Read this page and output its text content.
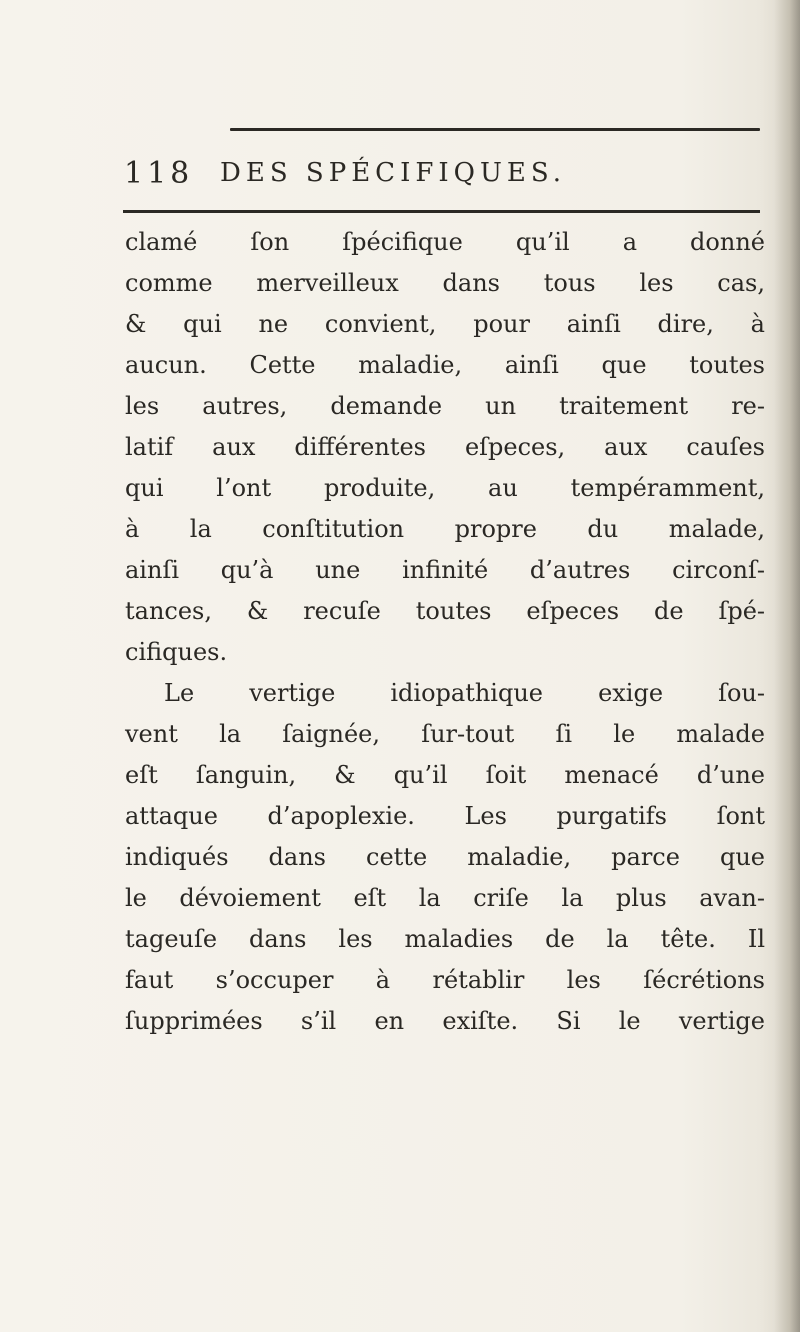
118 DES SPÉCIFIQUES.
clamé ſon ſpécifique qu’il a donné
comme merveilleux dans tous les cas,
& qui ne convient, pour ainſi dire, à
aucun. Cette maladie, ainſi que toutes
les autres, demande un traitement re-
latif aux différentes eſpeces, aux cauſes
qui l’ont produite, au tempéramment,
à la conſtitution propre du malade,
ainſi qu’à une infinité d’autres circonſ-
tances, & recuſe toutes eſpeces de ſpé-
cifiques.
Le vertige idiopathique exige ſou-
vent la ſaignée, ſur-tout ſi le malade
eſt ſanguin, & qu’il ſoit menacé d’une
attaque d’apoplexie. Les purgatifs ſont
indiqués dans cette maladie, parce que
le dévoiement eſt la criſe la plus avan-
tageuſe dans les maladies de la tête. Il
faut s’occuper à rétablir les ſécrétions
ſupprimées s’il en exiſte. Si le vertige
